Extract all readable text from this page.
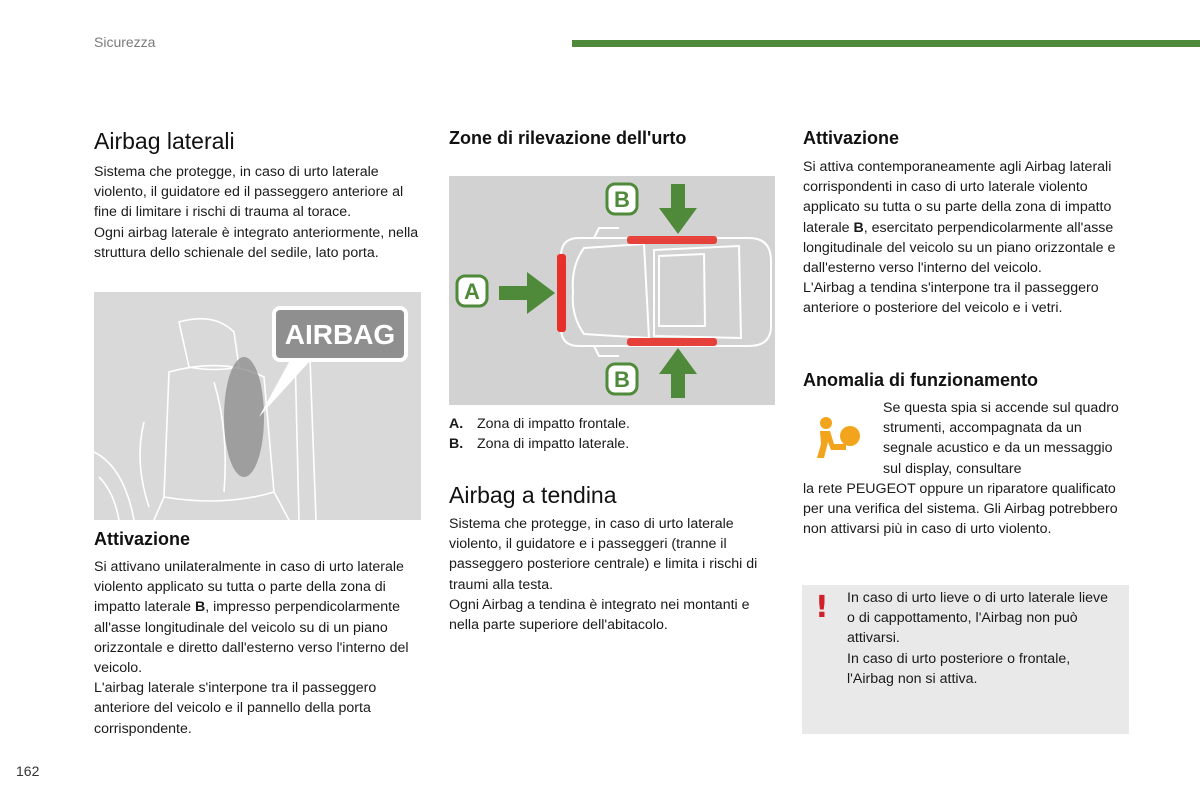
Sicurezza
Airbag laterali
Sistema che protegge, in caso di urto laterale violento, il guidatore ed il passeggero anteriore al fine di limitare i rischi di trauma al torace.
Ogni airbag laterale è integrato anteriormente, nella struttura dello schienale del sedile, lato porta.
AIRBAG
Attivazione

Si attivano unilateralmente in caso di urto laterale violento applicato su tutta o parte della zona di impatto laterale B, impresso perpendicolarmente all'asse longitudinale del veicolo su di un piano orizzontale e diretto dall'esterno verso l'interno del veicolo.

L'airbag laterale s'interpone tra il passeggero anteriore del veicolo e il pannello della porta corrispondente.

Zone di rilevazione dell'urto
B
A
B
A. Zona di impatto frontale.
B. Zona di impatto laterale.
Airbag a tendina

Sistema che protegge, in caso di urto laterale violento, il guidatore e i passeggeri (tranne il passeggero posteriore centrale) e limita i rischi di traumi alla testa.

Ogni Airbag a tendina è integrato nei montanti e nella parte superiore dell'abitacolo.

Attivazione

Si attiva contemporaneamente agli Airbag laterali corrispondenti in caso di urto laterale violento applicato su tutta o su parte della zona di impatto laterale B, esercitato perpendicolarmente all'asse longitudinale del veicolo su un piano orizzontale e dall'esterno verso l'interno del veicolo.

L'Airbag a tendina s'interpone tra il passeggero anteriore o posteriore del veicolo e i vetri.

Anomalia di funzionamento
Se questa spia si accende sul quadro strumenti, accompagnata da un segnale acustico e da un messaggio sul display, consultare
la rete PEUGEOT oppure un riparatore qualificato per una verifica del sistema. Gli Airbag potrebbero non attivarsi più in caso di urto violento.
! In caso di urto lieve o di urto laterale lieve o di cappottamento, l'Airbag non può attivarsi.

In caso di urto posteriore o frontale, l'Airbag non si attiva.

162
